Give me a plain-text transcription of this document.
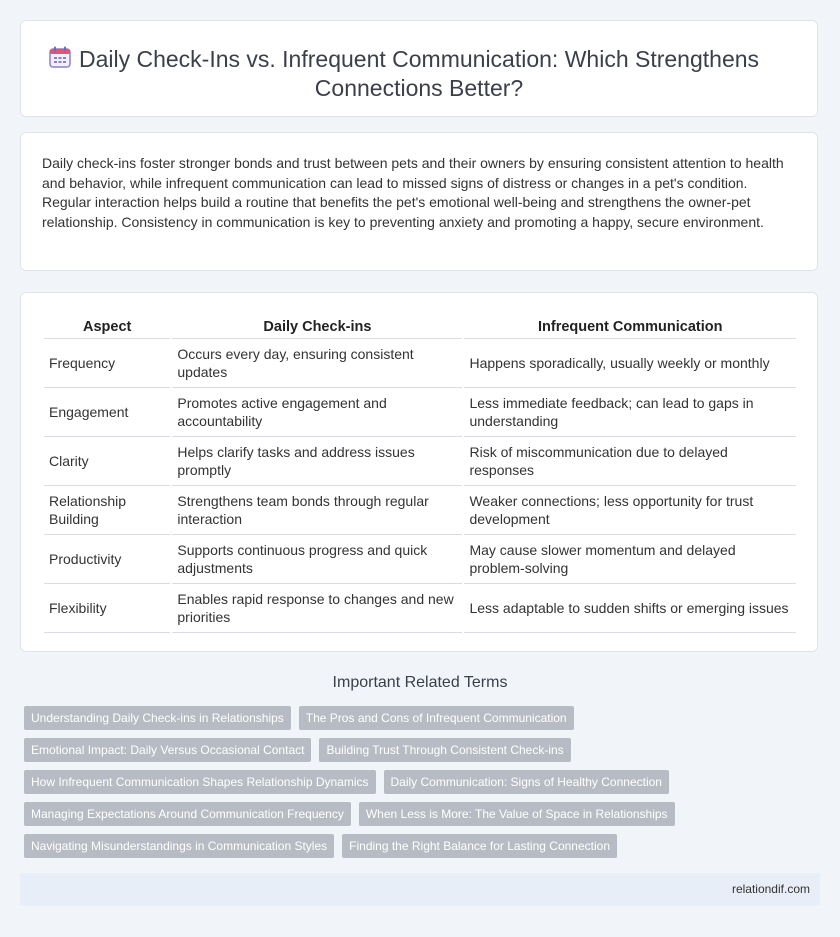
Daily Check-Ins vs. Infrequent Communication: Which Strengthens Connections Better?
Daily check-ins foster stronger bonds and trust between pets and their owners by ensuring consistent attention to health and behavior, while infrequent communication can lead to missed signs of distress or changes in a pet's condition. Regular interaction helps build a routine that benefits the pet's emotional well-being and strengthens the owner-pet relationship. Consistency in communication is key to preventing anxiety and promoting a happy, secure environment.
Aspect	Daily Check-ins	Infrequent Communication
Frequency	Occurs every day, ensuring consistent updates	Happens sporadically, usually weekly or monthly
Engagement	Promotes active engagement and accountability	Less immediate feedback; can lead to gaps in understanding
Clarity	Helps clarify tasks and address issues promptly	Risk of miscommunication due to delayed responses
Relationship Building	Strengthens team bonds through regular interaction	Weaker connections; less opportunity for trust development
Productivity	Supports continuous progress and quick adjustments	May cause slower momentum and delayed problem-solving
Flexibility	Enables rapid response to changes and new priorities	Less adaptable to sudden shifts or emerging issues
Important Related Terms
Understanding Daily Check-ins in Relationships	The Pros and Cons of Infrequent Communication
Emotional Impact: Daily Versus Occasional Contact	Building Trust Through Consistent Check-ins
How Infrequent Communication Shapes Relationship Dynamics	Daily Communication: Signs of Healthy Connection
Managing Expectations Around Communication Frequency	When Less is More: The Value of Space in Relationships
Navigating Misunderstandings in Communication Styles	Finding the Right Balance for Lasting Connection
relationdif.com
